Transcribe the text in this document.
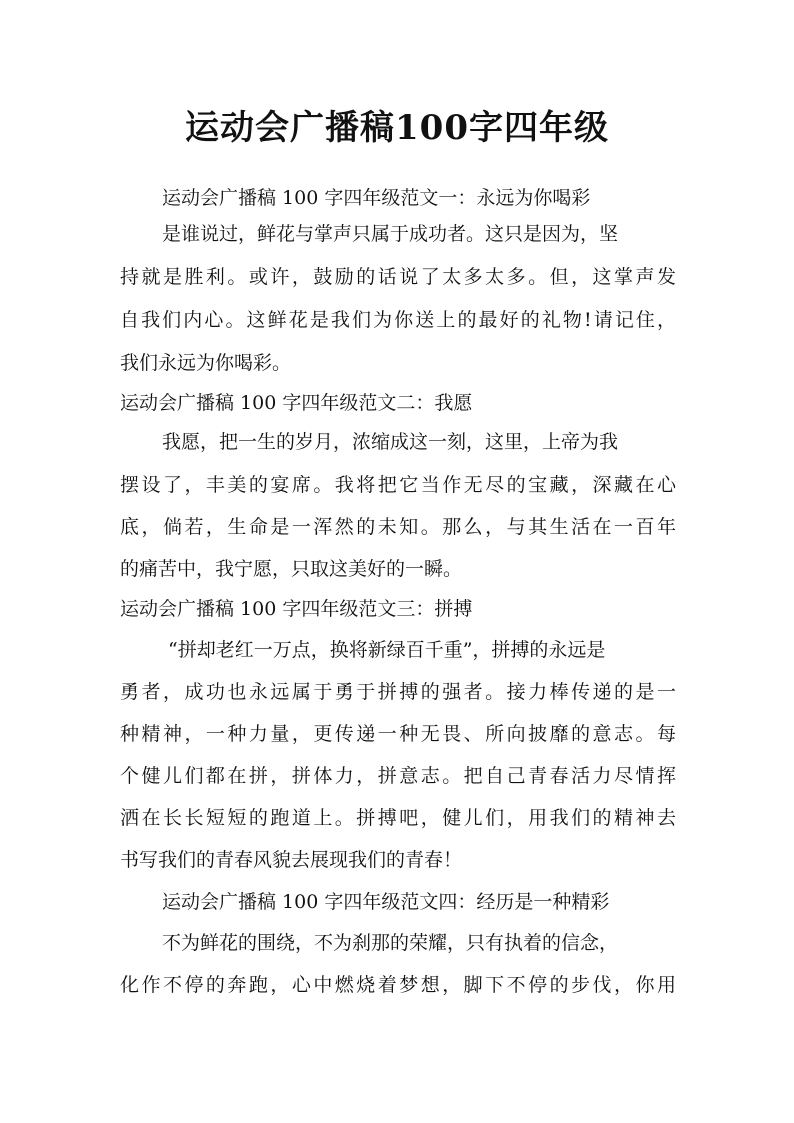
运动会广播稿100字四年级
运动会广播稿 100 字四年级范文一：永远为你喝彩
是谁说过，鲜花与掌声只属于成功者。这只是因为，坚
持就是胜利。或许，鼓励的话说了太多太多。但，这掌声发
自我们内心。这鲜花是我们为你送上的最好的礼物!请记住，
我们永远为你喝彩。
运动会广播稿 100 字四年级范文二：我愿
我愿，把一生的岁月，浓缩成这一刻，这里，上帝为我
摆设了，丰美的宴席。我将把它当作无尽的宝藏，深藏在心
底，倘若，生命是一浑然的未知。那么，与其生活在一百年
的痛苦中，我宁愿，只取这美好的一瞬。
运动会广播稿 100 字四年级范文三：拼搏
“拼却老红一万点，换将新绿百千重”，拼搏的永远是
勇者，成功也永远属于勇于拼搏的强者。接力棒传递的是一
种精神，一种力量，更传递一种无畏、所向披靡的意志。每
个健儿们都在拼，拼体力，拼意志。把自己青春活力尽情挥
洒在长长短短的跑道上。拼搏吧，健儿们，用我们的精神去
书写我们的青春风貌去展现我们的青春！
运动会广播稿 100 字四年级范文四：经历是一种精彩
不为鲜花的围绕，不为刹那的荣耀，只有执着的信念，
化作不停的奔跑，心中燃烧着梦想，脚下不停的步伐，你用
